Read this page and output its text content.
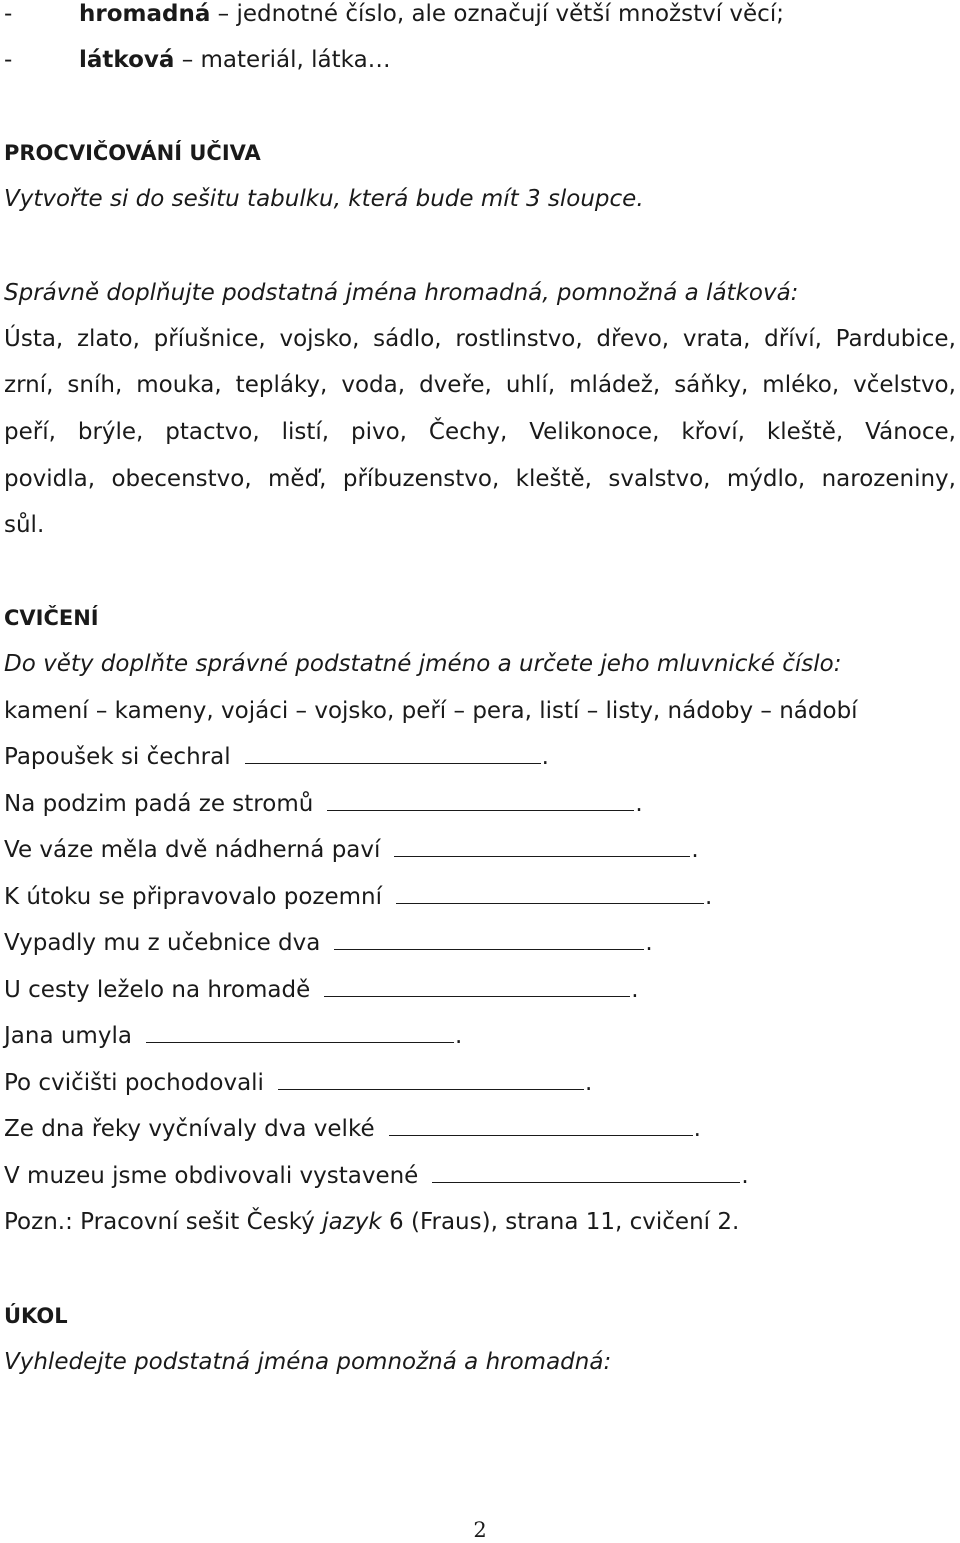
-	hromadná – jednotné číslo, ale označují větší množství věcí;
-	látková – materiál, látka…
PROCVIČOVÁNÍ UČIVA
Vytvořte si do sešitu tabulku, která bude mít 3 sloupce.
Správně doplňujte podstatná jména hromadná, pomnožná a látková:
Ústa, zlato, příušnice, vojsko, sádlo, rostlinstvo, dřevo, vrata, dříví, Pardubice,
zrní, sníh, mouka, tepláky, voda, dveře, uhlí, mládež, sáňky, mléko, včelstvo,
peří, brýle, ptactvo, listí, pivo, Čechy, Velikonoce, křoví, kleště, Vánoce,
povidla, obecenstvo, měď, příbuzenstvo, kleště, svalstvo, mýdlo, narozeniny,
sůl.
CVIČENÍ
Do věty doplňte správné podstatné jméno a určete jeho mluvnické číslo:
kamení – kameny, vojáci – vojsko, peří – pera, listí – listy, nádoby – nádobí
Papoušek si čechral	.
Na podzim padá ze stromů	.
Ve váze měla dvě nádherná paví	.
K útoku se připravovalo pozemní	.
Vypadly mu z učebnice dva	.
U cesty leželo na hromadě	.
Jana umyla	.
Po cvičišti pochodovali	.
Ze dna řeky vyčnívaly dva velké	.
V muzeu jsme obdivovali vystavené	.
Pozn.: Pracovní sešit Český jazyk 6 (Fraus), strana 11, cvičení 2.
ÚKOL
Vyhledejte podstatná jména pomnožná a hromadná:
2
